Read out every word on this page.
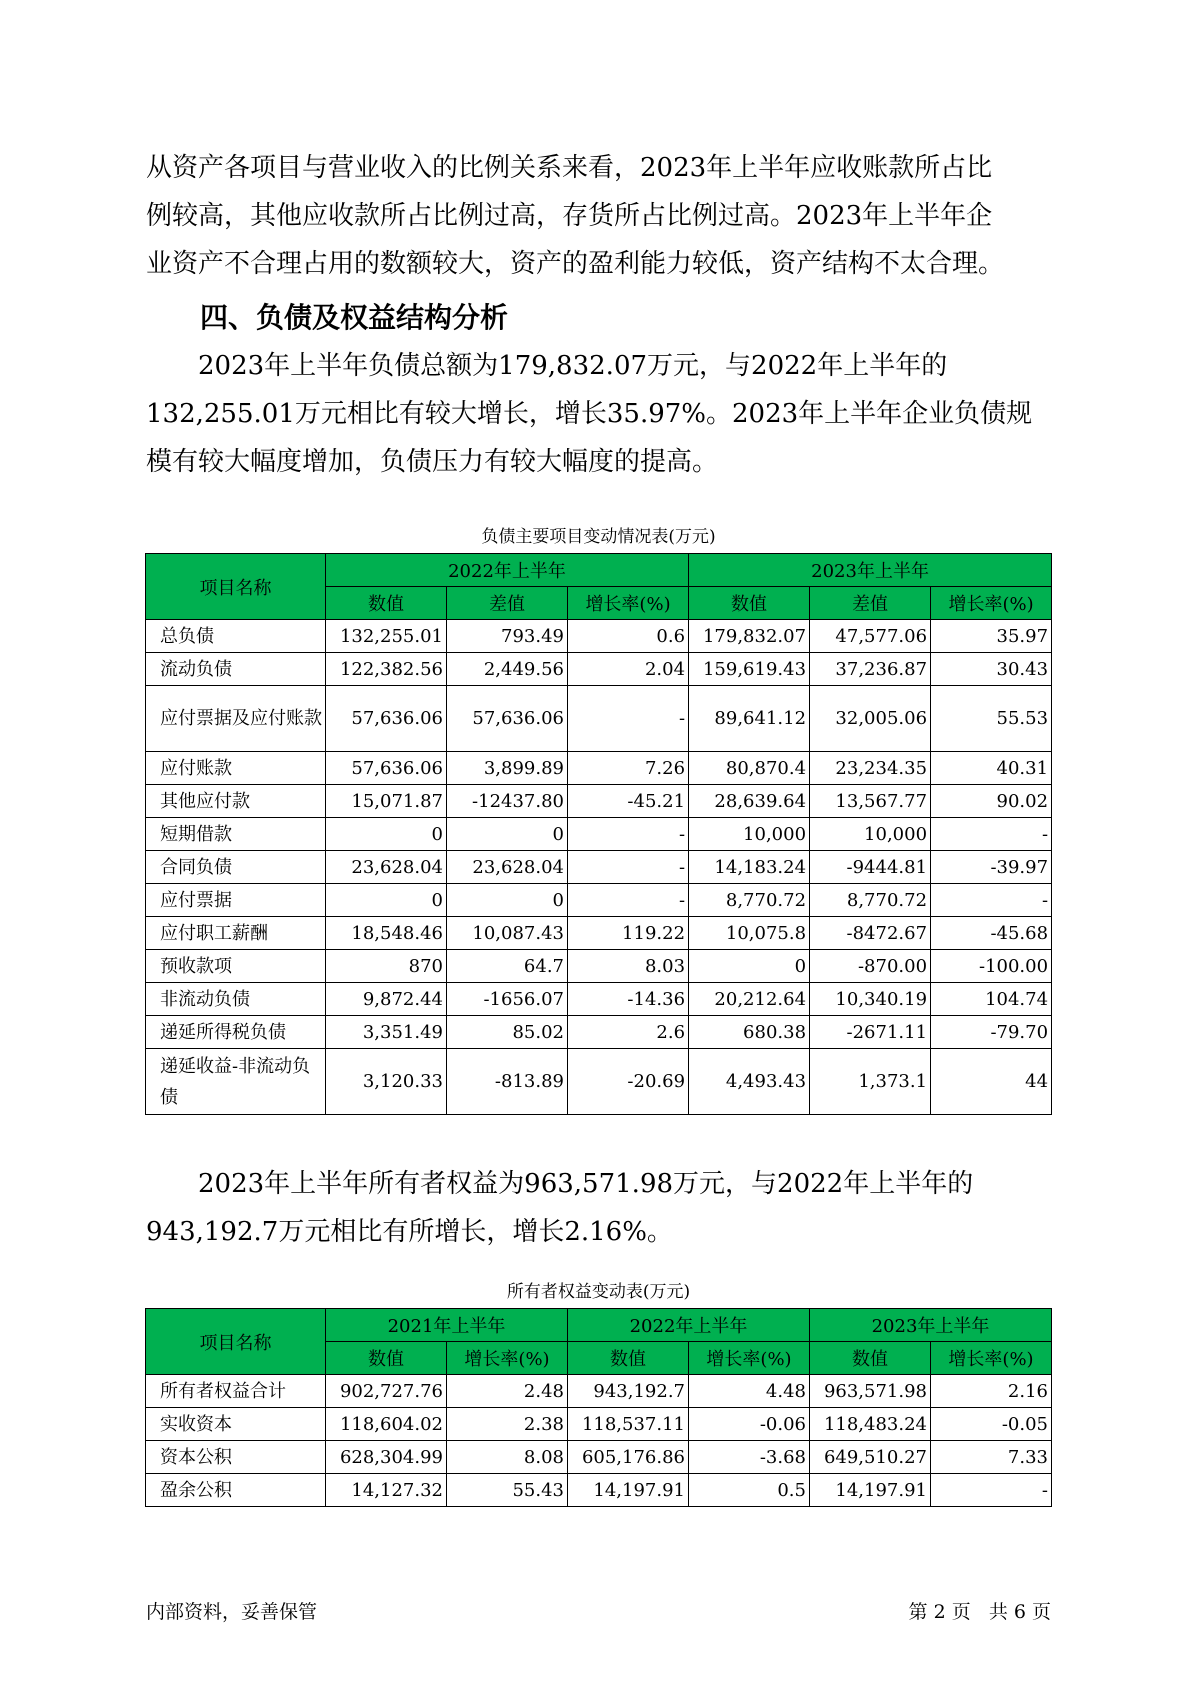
从资产各项目与营业收入的比例关系来看，2023年上半年应收账款所占比
例较高，其他应收款所占比例过高，存货所占比例过高。2023年上半年企
业资产不合理占用的数额较大，资产的盈利能力较低，资产结构不太合理。
四、负债及权益结构分析
2023年上半年负债总额为179,832.07万元，与2022年上半年的
132,255.01万元相比有较大增长，增长35.97%。2023年上半年企业负债规
模有较大幅度增加，负债压力有较大幅度的提高。

负债主要项目变动情况表(万元)

项目名称	2022年上半年			2023年上半年		
	数值	差值	增长率(%)	数值	差值	增长率(%)
总负债	132,255.01	793.49	0.6	179,832.07	47,577.06	35.97
流动负债	122,382.56	2,449.56	2.04	159,619.43	37,236.87	30.43
应付票据及应付账款	57,636.06	57,636.06	-	89,641.12	32,005.06	55.53
应付账款	57,636.06	3,899.89	7.26	80,870.4	23,234.35	40.31
其他应付款	15,071.87	-12437.80	-45.21	28,639.64	13,567.77	90.02
短期借款	0	0	-	10,000	10,000	-
合同负债	23,628.04	23,628.04	-	14,183.24	-9444.81	-39.97
应付票据	0	0	-	8,770.72	8,770.72	-
应付职工薪酬	18,548.46	10,087.43	119.22	10,075.8	-8472.67	-45.68
预收款项	870	64.7	8.03	0	-870.00	-100.00
非流动负债	9,872.44	-1656.07	-14.36	20,212.64	10,340.19	104.74
递延所得税负债	3,351.49	85.02	2.6	680.38	-2671.11	-79.70
递延收益-非流动负债	3,120.33	-813.89	-20.69	4,493.43	1,373.1	44
2023年上半年所有者权益为963,571.98万元，与2022年上半年的
943,192.7万元相比有所增长，增长2.16%。

所有者权益变动表(万元)

项目名称	2021年上半年		2022年上半年		2023年上半年	
	数值	增长率(%)	数值	增长率(%)	数值	增长率(%)
所有者权益合计	902,727.76	2.48	943,192.7	4.48	963,571.98	2.16
实收资本	118,604.02	2.38	118,537.11	-0.06	118,483.24	-0.05
资本公积	628,304.99	8.08	605,176.86	-3.68	649,510.27	7.33
盈余公积	14,127.32	55.43	14,197.91	0.5	14,197.91	-

内部资料，妥善保管	第 2 页   共 6 页
